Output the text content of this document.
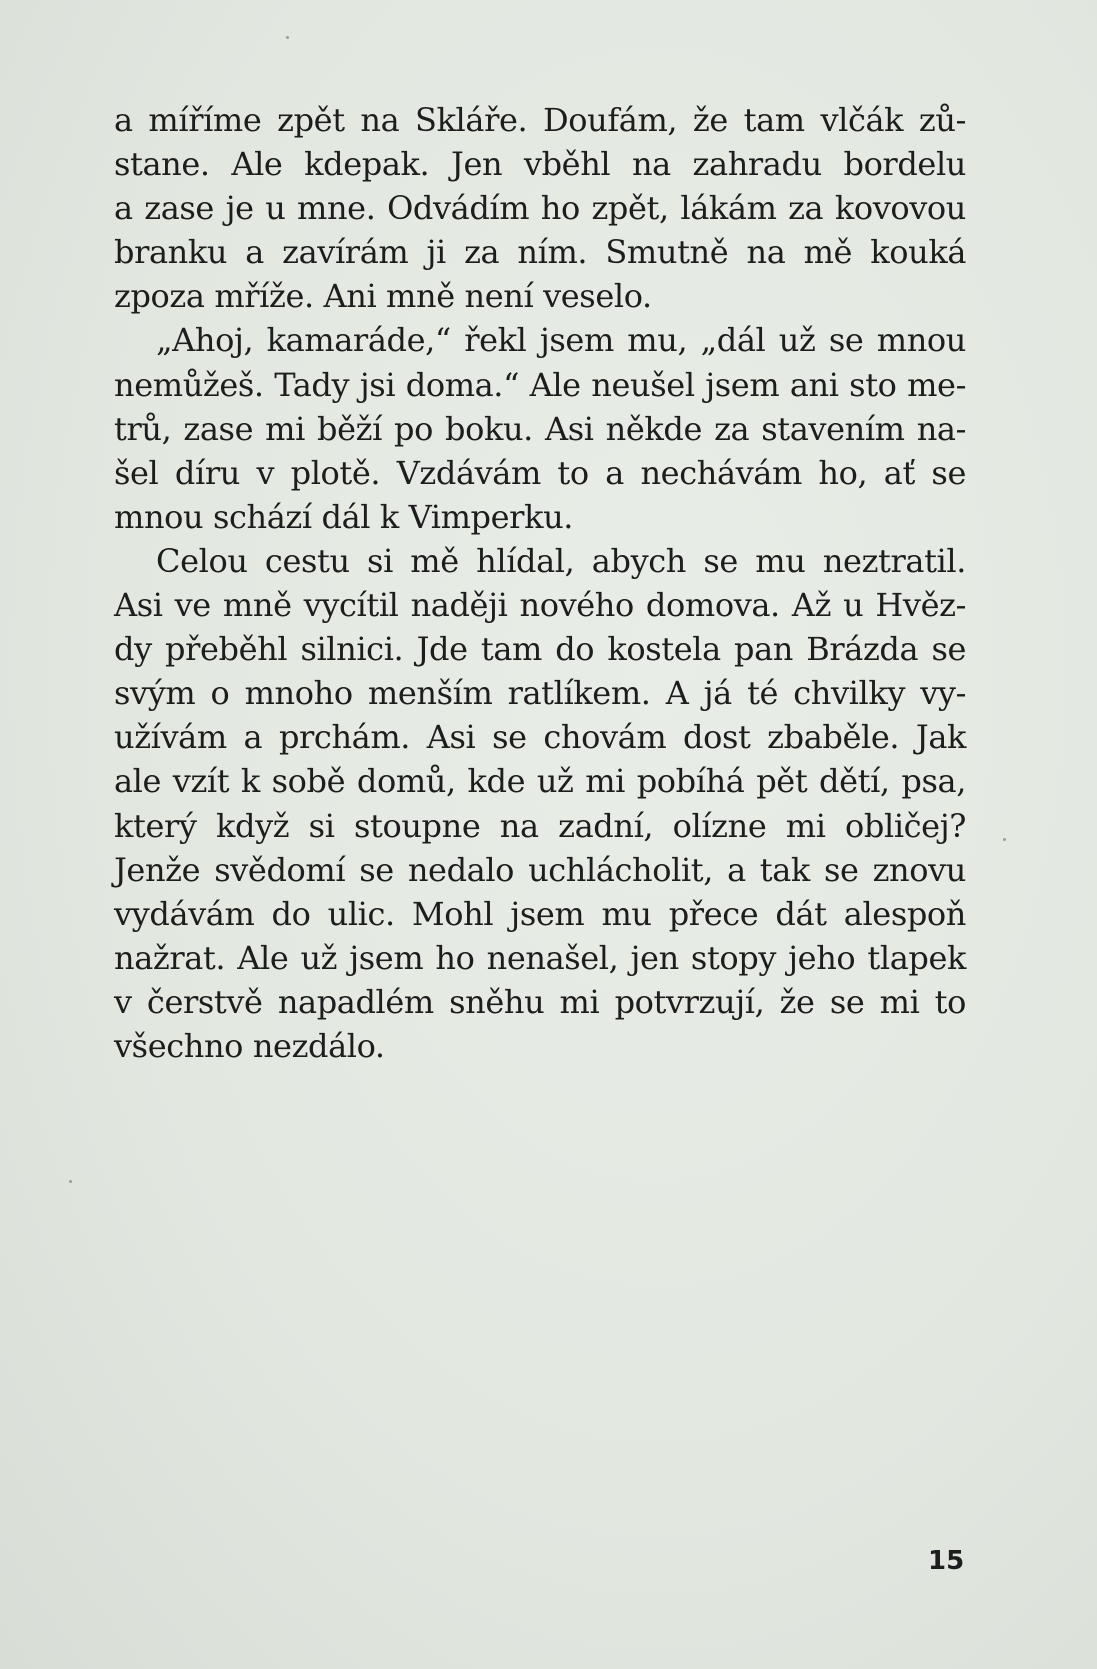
a míříme zpět na Skláře. Doufám, že tam vlčák zů-
stane. Ale kdepak. Jen vběhl na zahradu bordelu
a zase je u mne. Odvádím ho zpět, lákám za kovovou
branku a zavírám ji za ním. Smutně na mě kouká
zpoza mříže. Ani mně není veselo.
„Ahoj, kamaráde,“ řekl jsem mu, „dál už se mnou
nemůžeš. Tady jsi doma.“ Ale neušel jsem ani sto me-
trů, zase mi běží po boku. Asi někde za stavením na-
šel díru v plotě. Vzdávám to a nechávám ho, ať se
mnou schází dál k Vimperku.
Celou cestu si mě hlídal, abych se mu neztratil.
Asi ve mně vycítil naději nového domova. Až u Hvěz-
dy přeběhl silnici. Jde tam do kostela pan Brázda se
svým o mnoho menším ratlíkem. A já té chvilky vy-
užívám a prchám. Asi se chovám dost zbaběle. Jak
ale vzít k sobě domů, kde už mi pobíhá pět dětí, psa,
který když si stoupne na zadní, olízne mi obličej?
Jenže svědomí se nedalo uchlácholit, a tak se znovu
vydávám do ulic. Mohl jsem mu přece dát alespoň
nažrat. Ale už jsem ho nenašel, jen stopy jeho tlapek
v čerstvě napadlém sněhu mi potvrzují, že se mi to
všechno nezdálo.
15
